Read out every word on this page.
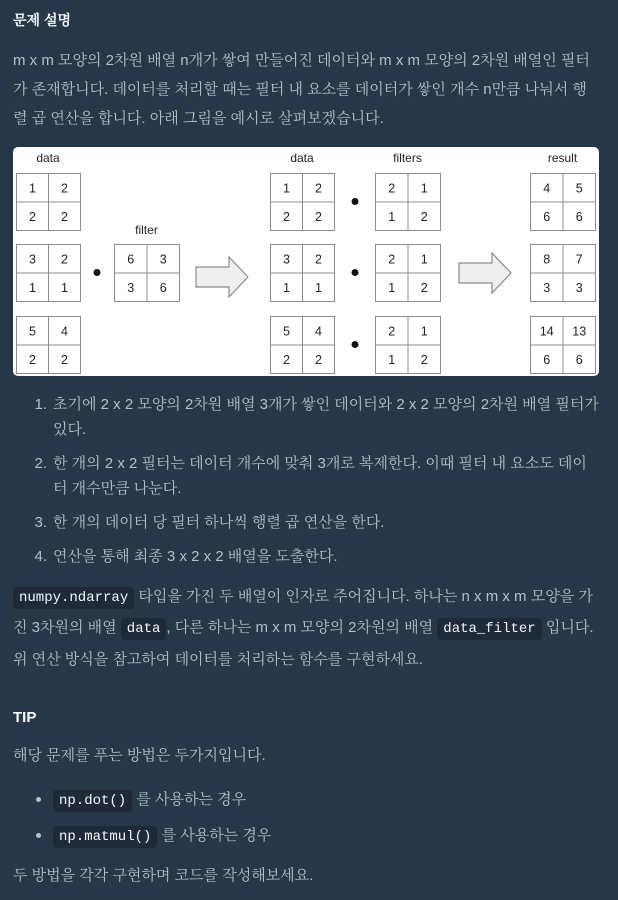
문제 설명

m x m 모양의 2차원 배열 n개가 쌓여 만들어진 데이터와 m x m 모양의 2차원 배열인 필터가 존재합니다. 데이터를 처리할 때는 필터 내 요소를 데이터가 쌓인 개수 n만큼 나눠서 행렬 곱 연산을 합니다. 아래 그림을 예시로 살펴보겠습니다.

data
1 2
2 2
3 2
1 1
5 4
2 2
filter
6 3
3 6
data
1 2
2 2
3 2
1 1
5 4
2 2
filters
2 1
1 2
2 1
1 2
2 1
1 2
result
4 5
6 6
8 7
3 3
14 13
6 6
1. 초기에 2 x 2 모양의 2차원 배열 3개가 쌓인 데이터와 2 x 2 모양의 2차원 배열 필터가 있다.
2. 한 개의 2 x 2 필터는 데이터 개수에 맞춰 3개로 복제한다. 이때 필터 내 요소도 데이터 개수만큼 나눈다.
3. 한 개의 데이터 당 필터 하나씩 행렬 곱 연산을 한다.
4. 연산을 통해 최종 3 x 2 x 2 배열을 도출한다.

numpy.ndarray 타입을 가진 두 배열이 인자로 주어집니다. 하나는 n x m x m 모양을 가진 3차원의 배열 data , 다른 하나는 m x m 모양의 2차원의 배열 data_filter 입니다. 위 연산 방식을 참고하여 데이터를 처리하는 함수를 구현하세요.

TIP

해당 문제를 푸는 방법은 두가지입니다.

np.dot() 를 사용하는 경우
np.matmul() 를 사용하는 경우

두 방법을 각각 구현하며 코드를 작성해보세요.
